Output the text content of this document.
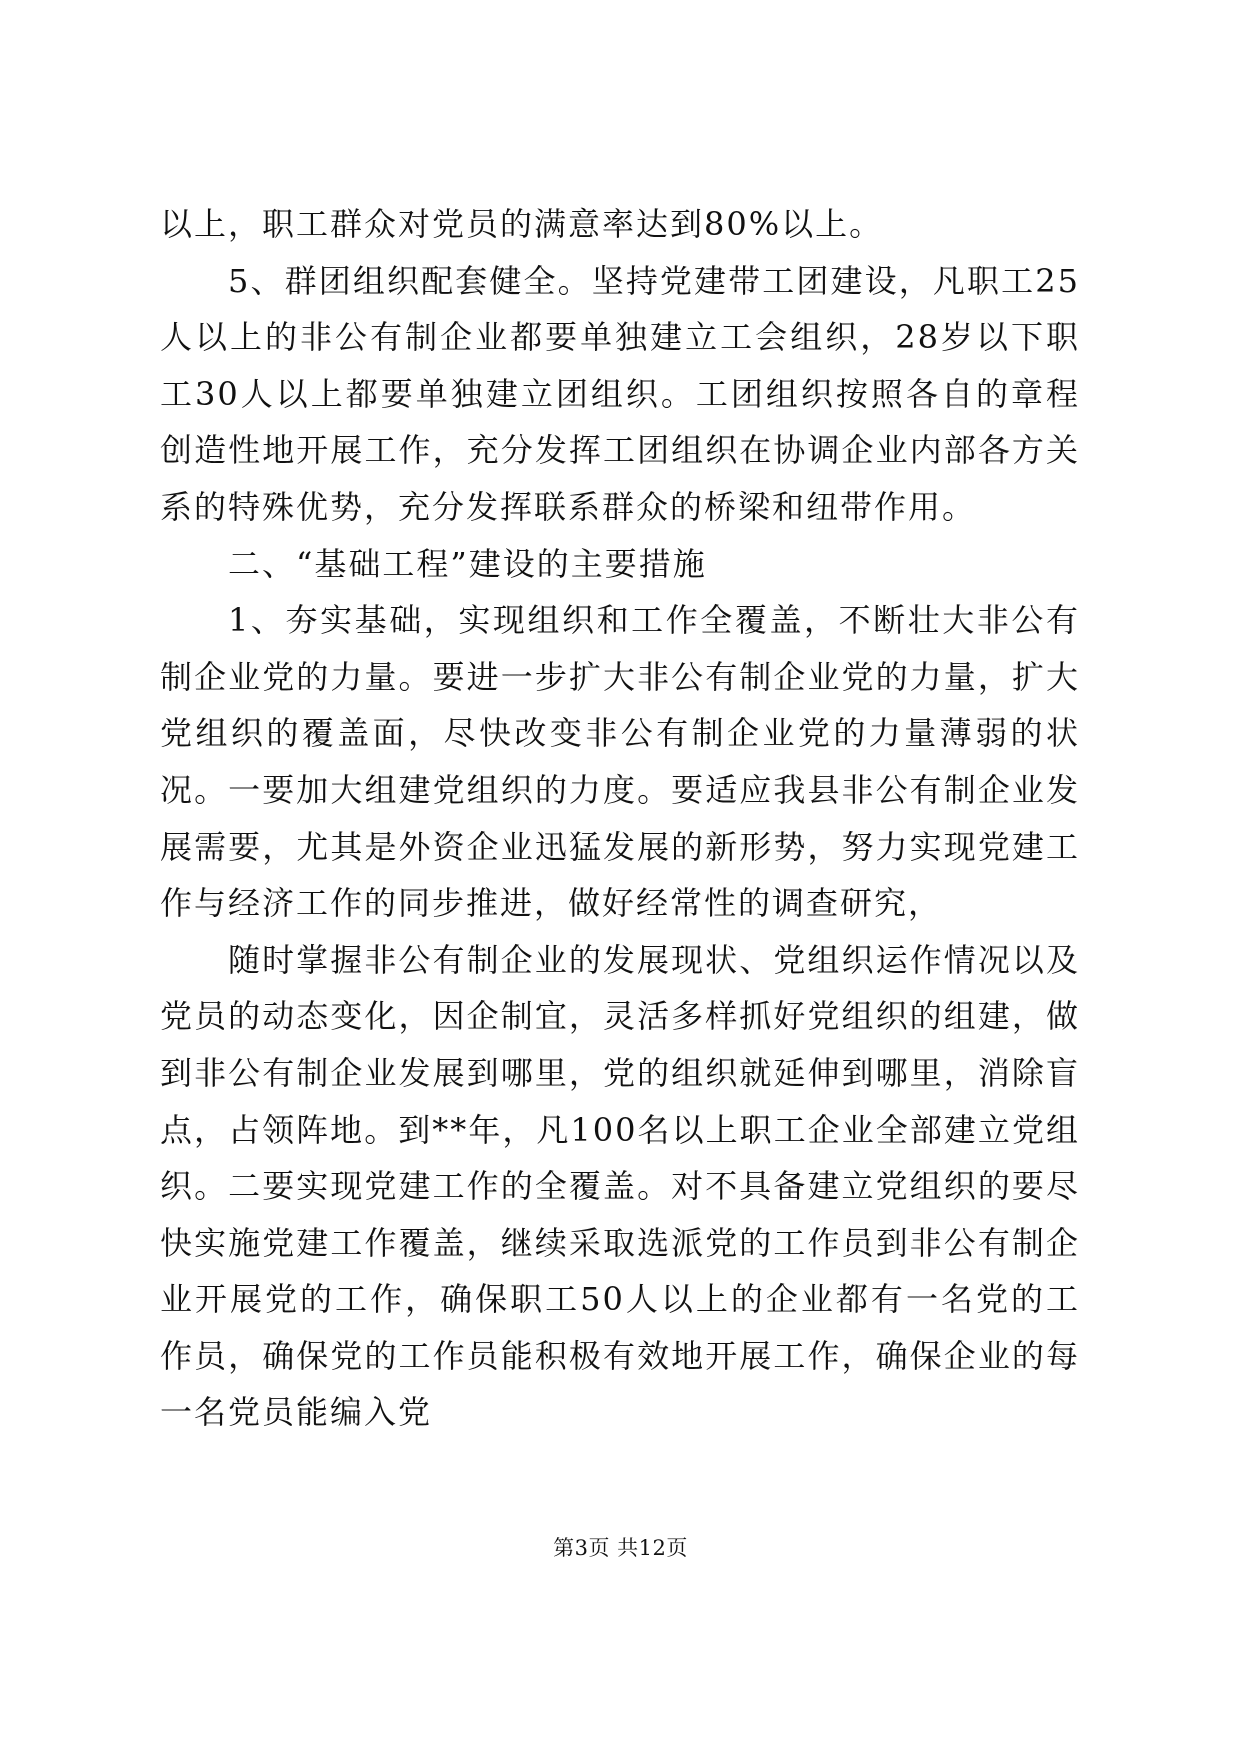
以上，职工群众对党员的满意率达到80%以上。

5、群团组织配套健全。坚持党建带工团建设，凡职工25人以上的非公有制企业都要单独建立工会组织，28岁以下职工30人以上都要单独建立团组织。工团组织按照各自的章程创造性地开展工作，充分发挥工团组织在协调企业内部各方关系的特殊优势，充分发挥联系群众的桥梁和纽带作用。

二、“基础工程”建设的主要措施

1、夯实基础，实现组织和工作全覆盖，不断壮大非公有制企业党的力量。要进一步扩大非公有制企业党的力量，扩大党组织的覆盖面，尽快改变非公有制企业党的力量薄弱的状况。一要加大组建党组织的力度。要适应我县非公有制企业发展需要，尤其是外资企业迅猛发展的新形势，努力实现党建工作与经济工作的同步推进，做好经常性的调查研究，

随时掌握非公有制企业的发展现状、党组织运作情况以及党员的动态变化，因企制宜，灵活多样抓好党组织的组建，做到非公有制企业发展到哪里，党的组织就延伸到哪里，消除盲点，占领阵地。到**年，凡100名以上职工企业全部建立党组织。二要实现党建工作的全覆盖。对不具备建立党组织的要尽快实施党建工作覆盖，继续采取选派党的工作员到非公有制企业开展党的工作，确保职工50人以上的企业都有一名党的工作员，确保党的工作员能积极有效地开展工作，确保企业的每一名党员能编入党

第3页 共12页
